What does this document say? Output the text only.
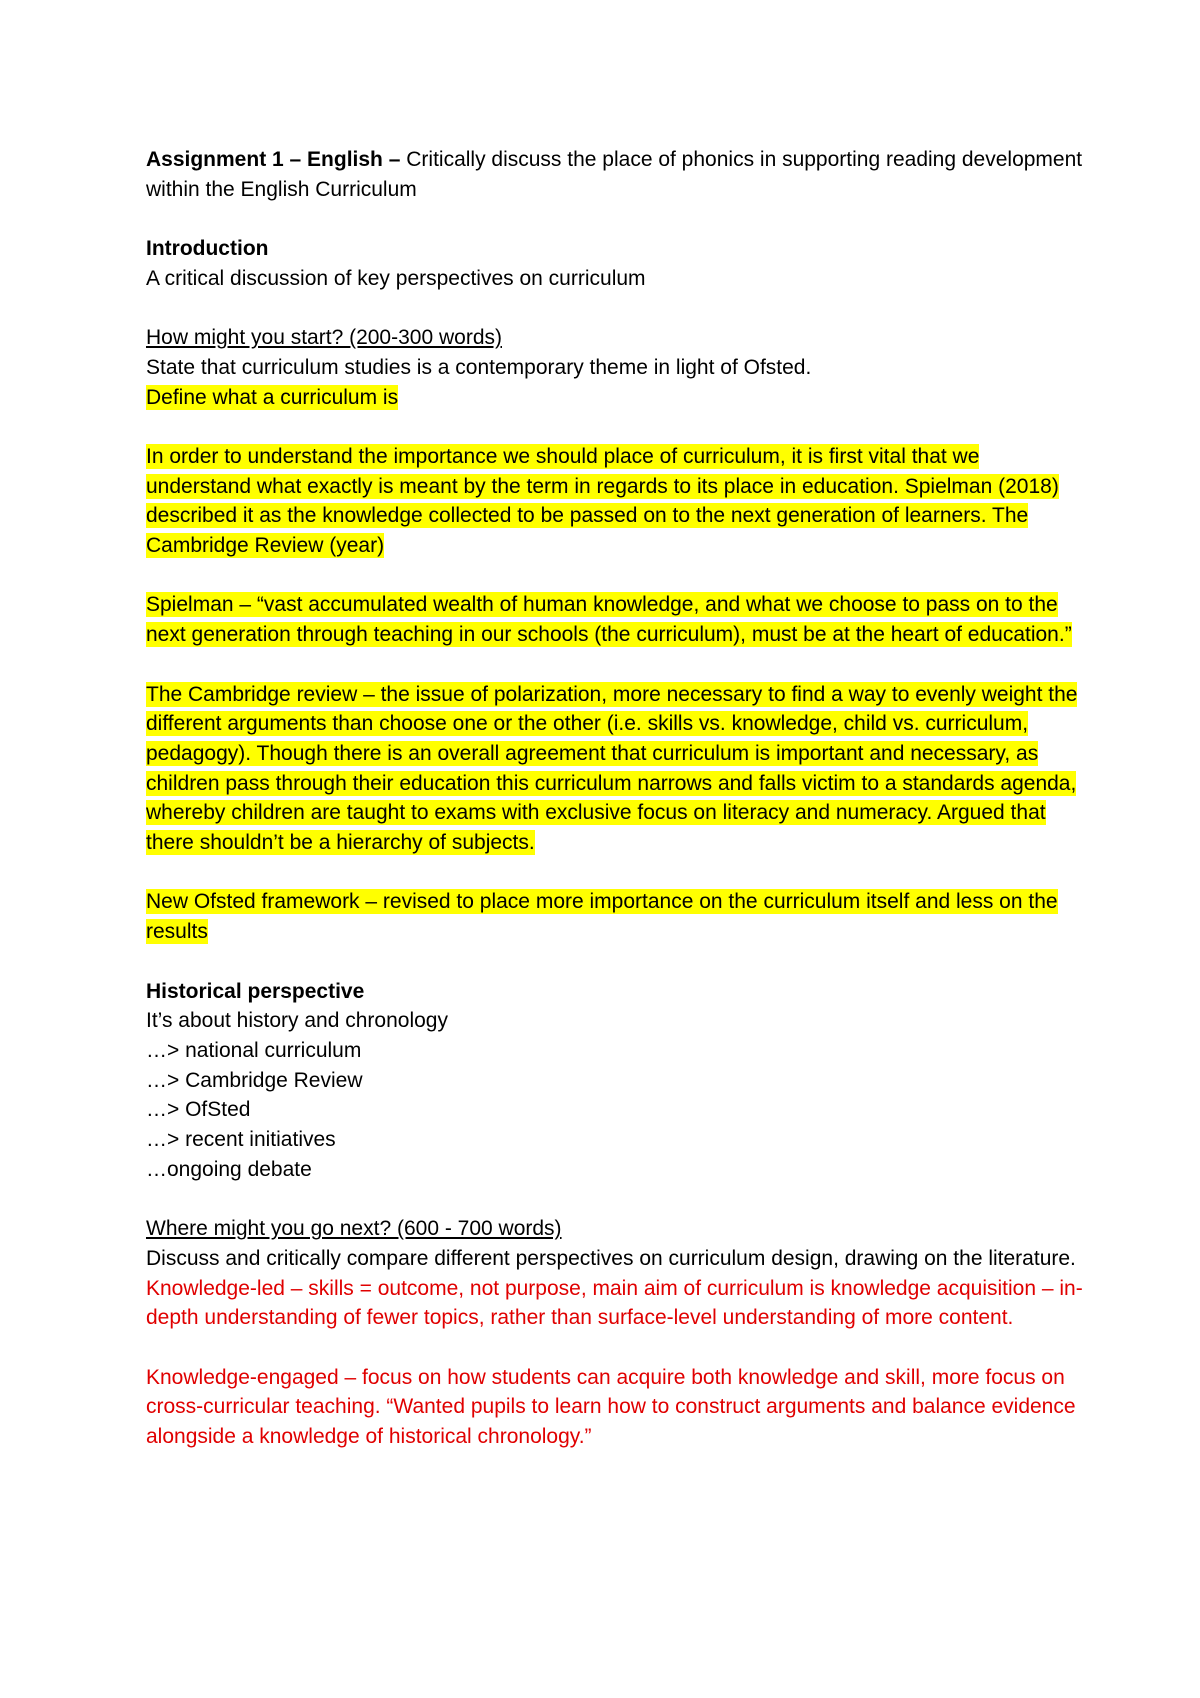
Assignment 1 – English – Critically discuss the place of phonics in supporting reading development within the English Curriculum

Introduction

A critical discussion of key perspectives on curriculum

How might you start? (200-300 words)

State that curriculum studies is a contemporary theme in light of Ofsted.

Define what a curriculum is

In order to understand the importance we should place of curriculum, it is first vital that we understand what exactly is meant by the term in regards to its place in education. Spielman (2018) described it as the knowledge collected to be passed on to the next generation of learners. The Cambridge Review (year)

Spielman – “vast accumulated wealth of human knowledge, and what we choose to pass on to the next generation through teaching in our schools (the curriculum), must be at the heart of education.”

The Cambridge review – the issue of polarization, more necessary to find a way to evenly weight the different arguments than choose one or the other (i.e. skills vs. knowledge, child vs. curriculum, pedagogy). Though there is an overall agreement that curriculum is important and necessary, as children pass through their education this curriculum narrows and falls victim to a standards agenda, whereby children are taught to exams with exclusive focus on literacy and numeracy. Argued that there shouldn’t be a hierarchy of subjects.

New Ofsted framework – revised to place more importance on the curriculum itself and less on the results

Historical perspective

It’s about history and chronology

…> national curriculum

…> Cambridge Review

…> OfSted

…> recent initiatives

…ongoing debate

Where might you go next? (600 - 700 words)

Discuss and critically compare different perspectives on curriculum design, drawing on the literature.

Knowledge-led – skills = outcome, not purpose, main aim of curriculum is knowledge acquisition – in-depth understanding of fewer topics, rather than surface-level understanding of more content.

Knowledge-engaged – focus on how students can acquire both knowledge and skill, more focus on cross-curricular teaching. “Wanted pupils to learn how to construct arguments and balance evidence alongside a knowledge of historical chronology.”
